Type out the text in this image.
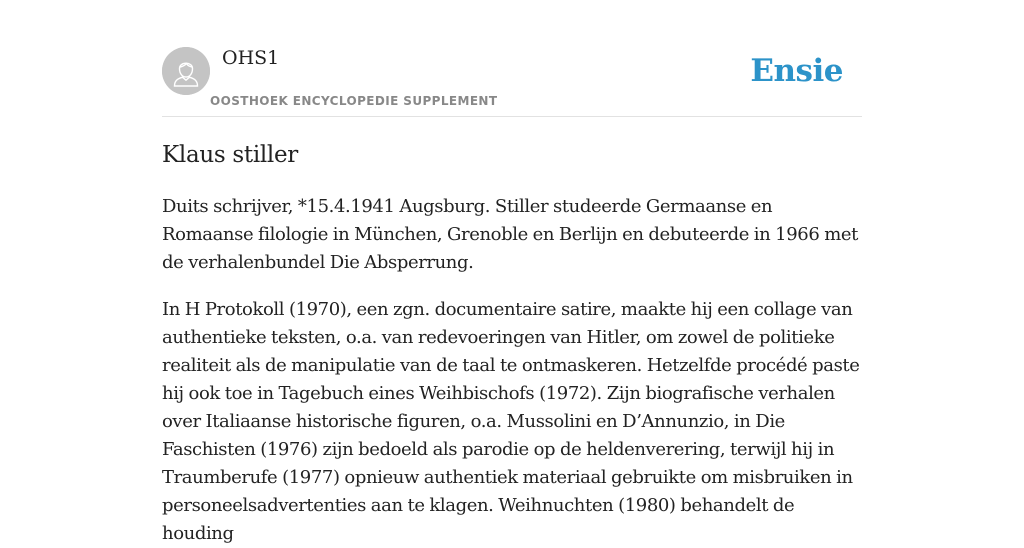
OHS1
OOSTHOEK ENCYCLOPEDIE SUPPLEMENT
Ensie
Klaus stiller

Duits schrijver, *15.4.1941 Augsburg. Stiller studeerde Germaanse en Romaanse filologie in München, Grenoble en Berlijn en debuteerde in 1966 met de verhalenbundel Die Absperrung.

In H Protokoll (1970), een zgn. documentaire satire, maakte hij een collage van authentieke teksten, o.a. van redevoeringen van Hitler, om zowel de politieke realiteit als de manipulatie van de taal te ontmaskeren. Hetzelfde procédé paste hij ook toe in Tagebuch eines Weihbischofs (1972). Zijn biografische verhalen over Italiaanse historische figuren, o.a. Mussolini en D’Annunzio, in Die Faschisten (1976) zijn bedoeld als parodie op de heldenverering, terwijl hij in Traumberufe (1977) opnieuw authentiek materiaal gebruikte om misbruiken in personeelsadvertenties aan te klagen. Weihnuchten (1980) behandelt de houding
